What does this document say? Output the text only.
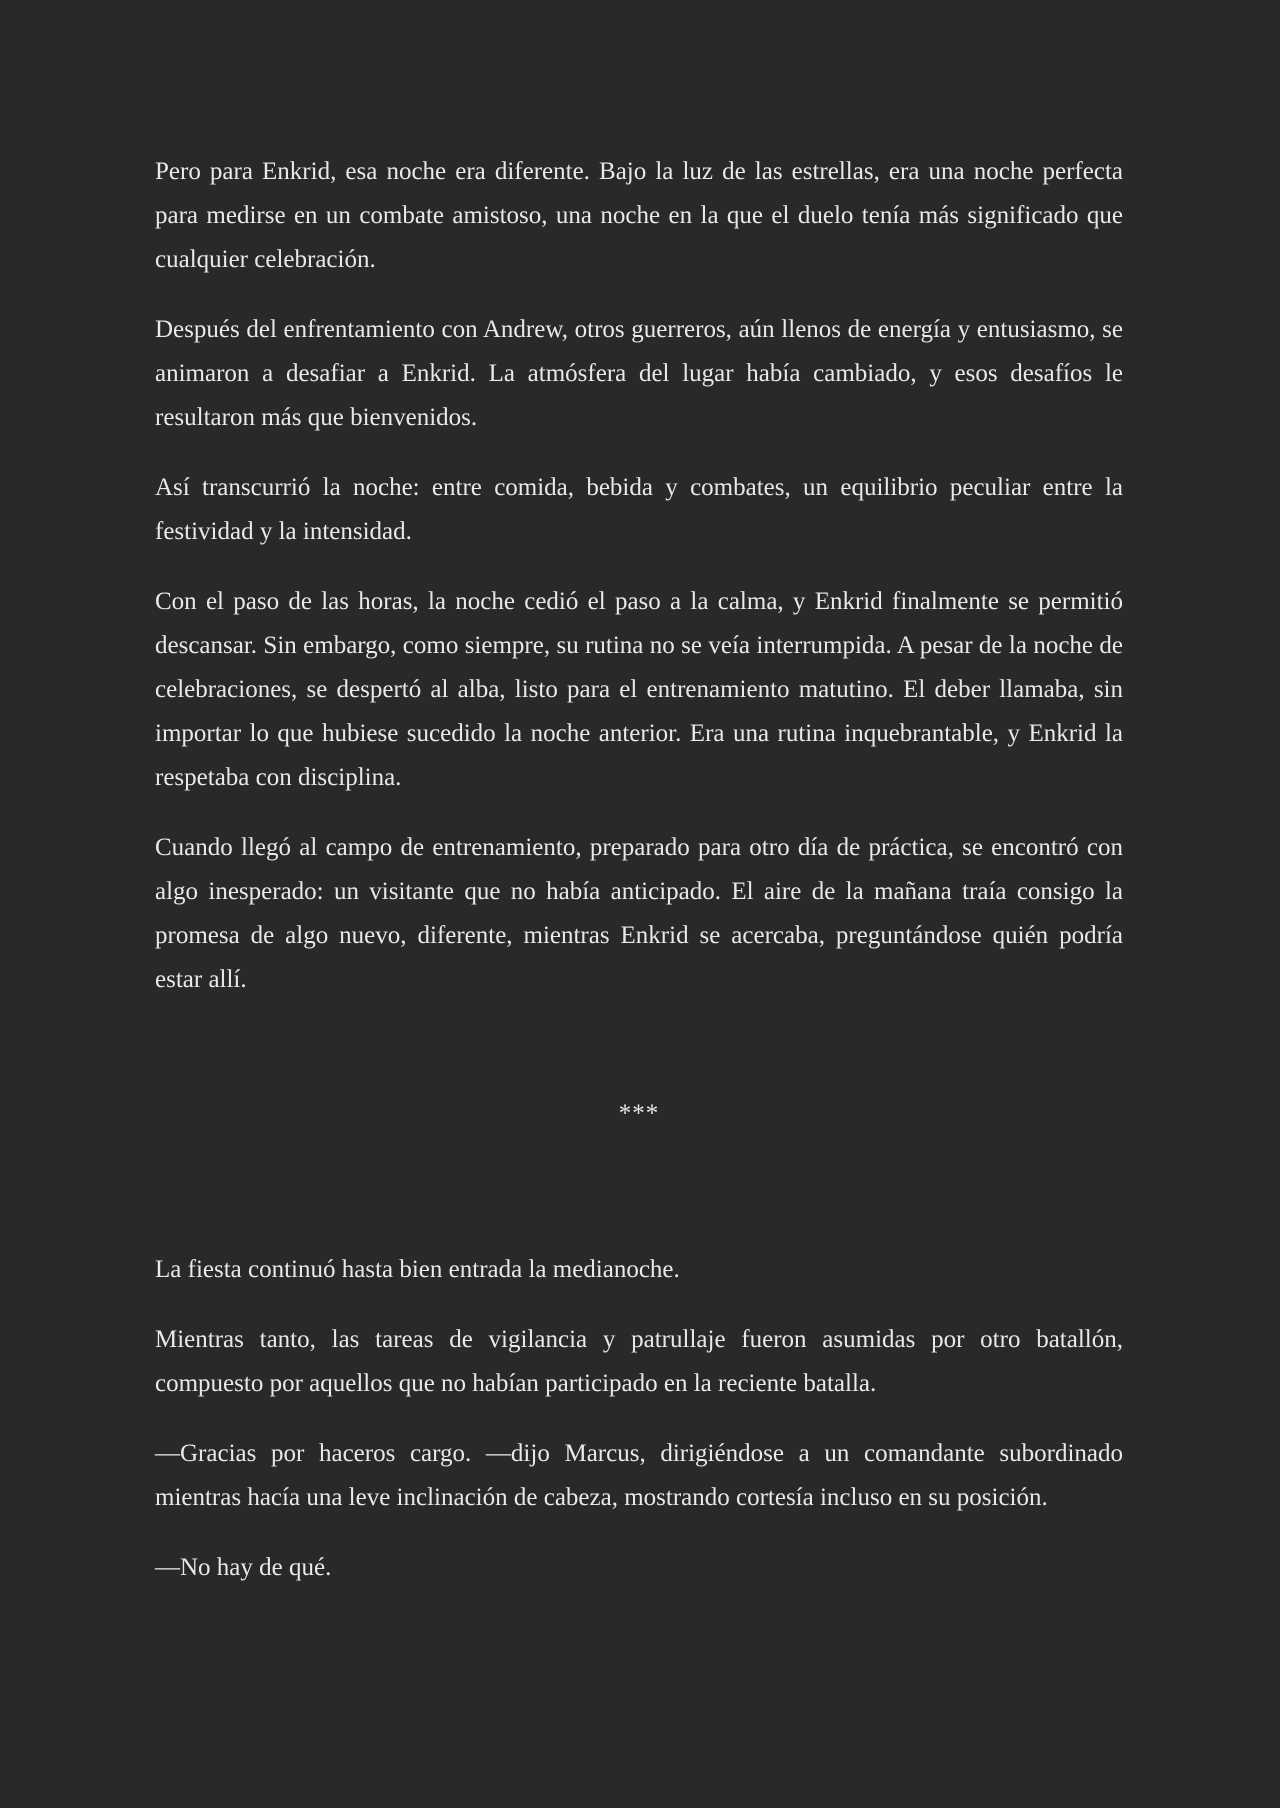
Pero para Enkrid, esa noche era diferente. Bajo la luz de las estrellas, era una noche perfecta para medirse en un combate amistoso, una noche en la que el duelo tenía más significado que cualquier celebración.

Después del enfrentamiento con Andrew, otros guerreros, aún llenos de energía y entusiasmo, se animaron a desafiar a Enkrid. La atmósfera del lugar había cambiado, y esos desafíos le resultaron más que bienvenidos.

Así transcurrió la noche: entre comida, bebida y combates, un equilibrio peculiar entre la festividad y la intensidad.

Con el paso de las horas, la noche cedió el paso a la calma, y Enkrid finalmente se permitió descansar. Sin embargo, como siempre, su rutina no se veía interrumpida. A pesar de la noche de celebraciones, se despertó al alba, listo para el entrenamiento matutino. El deber llamaba, sin importar lo que hubiese sucedido la noche anterior. Era una rutina inquebrantable, y Enkrid la respetaba con disciplina.

Cuando llegó al campo de entrenamiento, preparado para otro día de práctica, se encontró con algo inesperado: un visitante que no había anticipado. El aire de la mañana traía consigo la promesa de algo nuevo, diferente, mientras Enkrid se acercaba, preguntándose quién podría estar allí.

***

La fiesta continuó hasta bien entrada la medianoche.

Mientras tanto, las tareas de vigilancia y patrullaje fueron asumidas por otro batallón, compuesto por aquellos que no habían participado en la reciente batalla.

—Gracias por haceros cargo. —dijo Marcus, dirigiéndose a un comandante subordinado mientras hacía una leve inclinación de cabeza, mostrando cortesía incluso en su posición.

—No hay de qué.
